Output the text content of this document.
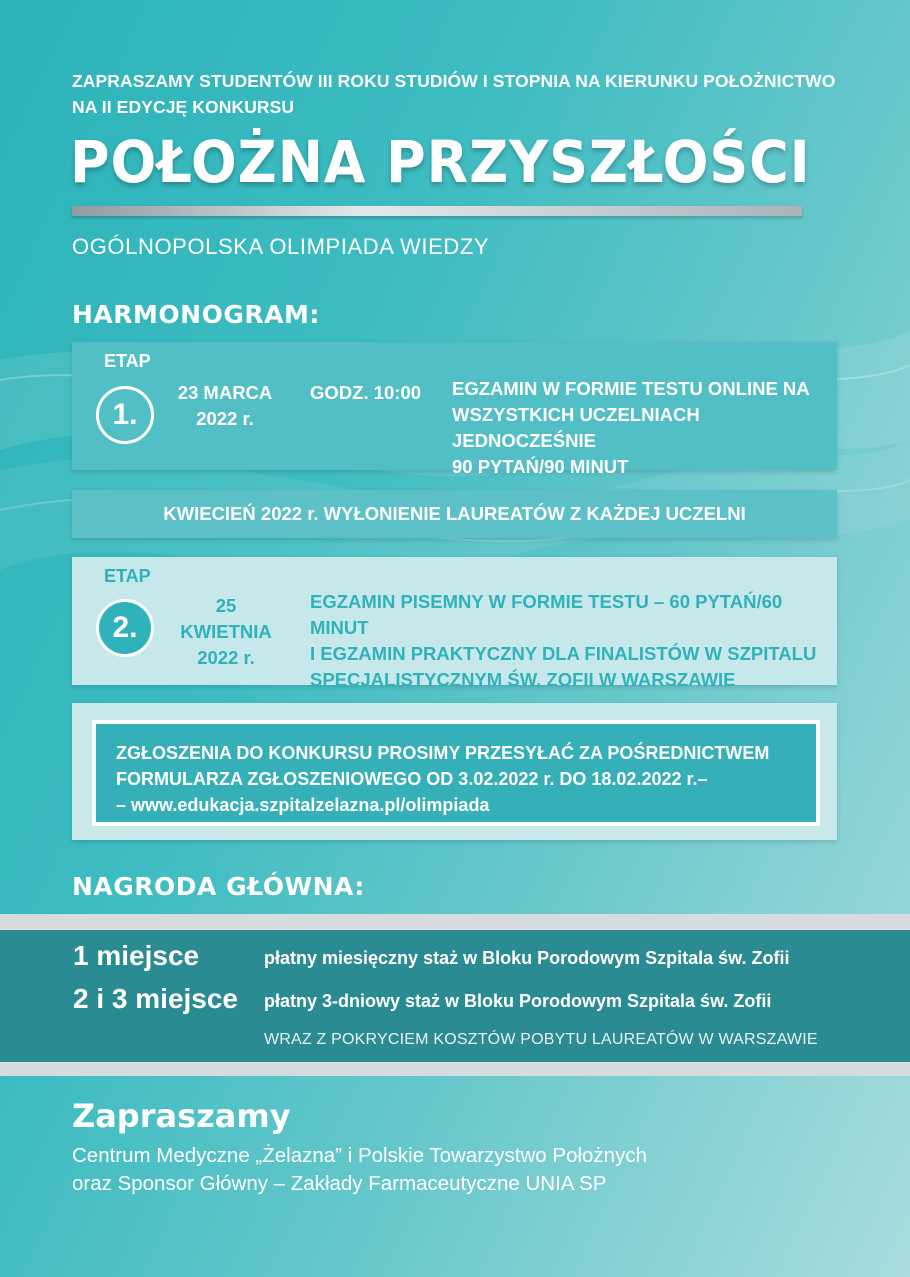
ZAPRASZAMY STUDENTÓW III ROKU STUDIÓW I STOPNIA NA KIERUNKU POŁOŻNICTWO
NA II EDYCJĘ KONKURSU
POŁOŻNA PRZYSZŁOŚCI
OGÓLNOPOLSKA OLIMPIADA WIEDZY
HARMONOGRAM:
ETAP
1.
23 MARCA
2022 r.
GODZ. 10:00 EGZAMIN W FORMIE TESTU ONLINE NA
WSZYSTKICH UCZELNIACH JEDNOCZEŚNIE
90 PYTAŃ/90 MINUT
KWIECIEŃ 2022 r. WYŁONIENIE LAUREATÓW Z KAŻDEJ UCZELNI
ETAP
2.
25 KWIETNIA
2022 r.
EGZAMIN PISEMNY W FORMIE TESTU – 60 PYTAŃ/60 MINUT
I EGZAMIN PRAKTYCZNY DLA FINALISTÓW W SZPITALU
SPECJALISTYCZNYM ŚW. ZOFII W WARSZAWIE
ZGŁOSZENIA DO KONKURSU PROSIMY PRZESYŁAĆ ZA POŚREDNICTWEM
FORMULARZA ZGŁOSZENIOWEGO OD 3.02.2022 r. DO 18.02.2022 r.–
– www.edukacja.szpitalzelazna.pl/olimpiada
NAGRODA GŁÓWNA:
1 miejsce	płatny miesięczny staż w Bloku Porodowym Szpitala św. Zofii
2 i 3 miejsce płatny 3-dniowy staż w Bloku Porodowym Szpitala św. Zofii
WRAZ Z POKRYCIEM KOSZTÓW POBYTU LAUREATÓW W WARSZAWIE
Zapraszamy
Centrum Medyczne „Żelazna” i Polskie Towarzystwo Położnych
oraz Sponsor Główny – Zakłady Farmaceutyczne UNIA SP
